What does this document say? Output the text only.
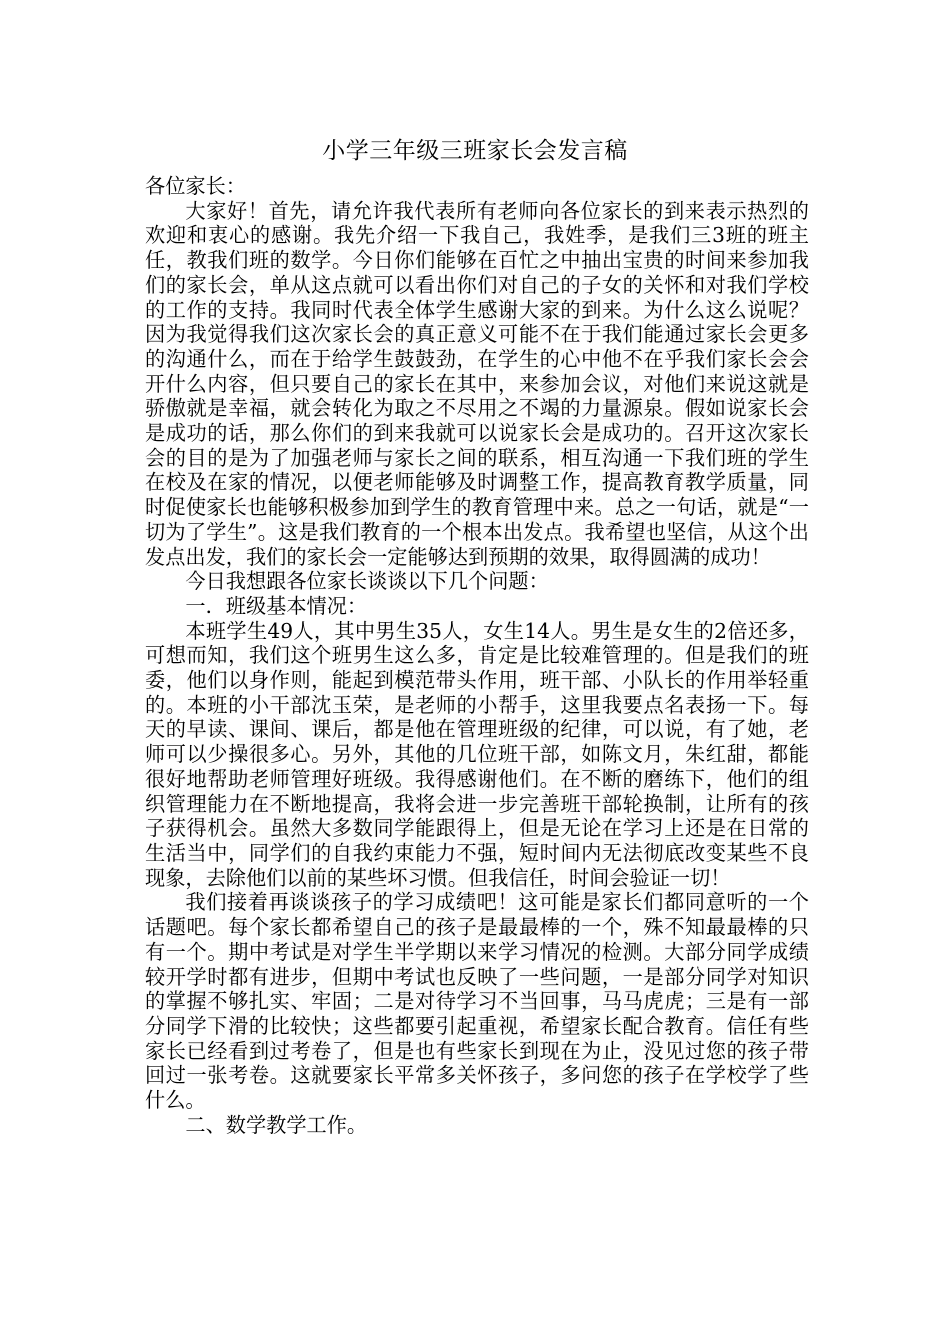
小学三年级三班家长会发言稿

各位家长：

大家好！首先，请允许我代表所有老师向各位家长的到来表示热烈的欢迎和衷心的感谢。我先介绍一下我自己，我姓季，是我们三3班的班主任，教我们班的数学。今日你们能够在百忙之中抽出宝贵的时间来参加我们的家长会，单从这点就可以看出你们对自己的子女的关怀和对我们学校的工作的支持。我同时代表全体学生感谢大家的到来。为什么这么说呢？因为我觉得我们这次家长会的真正意义可能不在于我们能通过家长会更多的沟通什么，而在于给学生鼓鼓劲，在学生的心中他不在乎我们家长会会开什么内容，但只要自己的家长在其中，来参加会议，对他们来说这就是骄傲就是幸福，就会转化为取之不尽用之不竭的力量源泉。假如说家长会是成功的话，那么你们的到来我就可以说家长会是成功的。召开这次家长会的目的是为了加强老师与家长之间的联系，相互沟通一下我们班的学生在校及在家的情况，以便老师能够及时调整工作，提高教育教学质量，同时促使家长也能够积极参加到学生的教育管理中来。总之一句话，就是“一切为了学生”。这是我们教育的一个根本出发点。我希望也坚信，从这个出发点出发，我们的家长会一定能够达到预期的效果，取得圆满的成功！

今日我想跟各位家长谈谈以下几个问题：

一．班级基本情况：

本班学生49人，其中男生35人，女生14人。男生是女生的2倍还多，可想而知，我们这个班男生这么多，肯定是比较难管理的。但是我们的班委，他们以身作则，能起到模范带头作用，班干部、小队长的作用举轻重的。本班的小干部沈玉荣，是老师的小帮手，这里我要点名表扬一下。每天的早读、课间、课后，都是他在管理班级的纪律，可以说，有了她，老师可以少操很多心。另外，其他的几位班干部，如陈文月，朱红甜，都能很好地帮助老师管理好班级。我得感谢他们。在不断的磨练下，他们的组织管理能力在不断地提高，我将会进一步完善班干部轮换制，让所有的孩子获得机会。虽然大多数同学能跟得上，但是无论在学习上还是在日常的生活当中，同学们的自我约束能力不强，短时间内无法彻底改变某些不良现象，去除他们以前的某些坏习惯。但我信任，时间会验证一切！

我们接着再谈谈孩子的学习成绩吧！这可能是家长们都同意听的一个话题吧。每个家长都希望自己的孩子是最最棒的一个，殊不知最最棒的只有一个。期中考试是对学生半学期以来学习情况的检测。大部分同学成绩较开学时都有进步，但期中考试也反映了一些问题，一是部分同学对知识的掌握不够扎实、牢固；二是对待学习不当回事，马马虎虎；三是有一部分同学下滑的比较快；这些都要引起重视，希望家长配合教育。信任有些家长已经看到过考卷了，但是也有些家长到现在为止，没见过您的孩子带回过一张考卷。这就要家长平常多关怀孩子，多问您的孩子在学校学了些什么。

二、数学教学工作。
